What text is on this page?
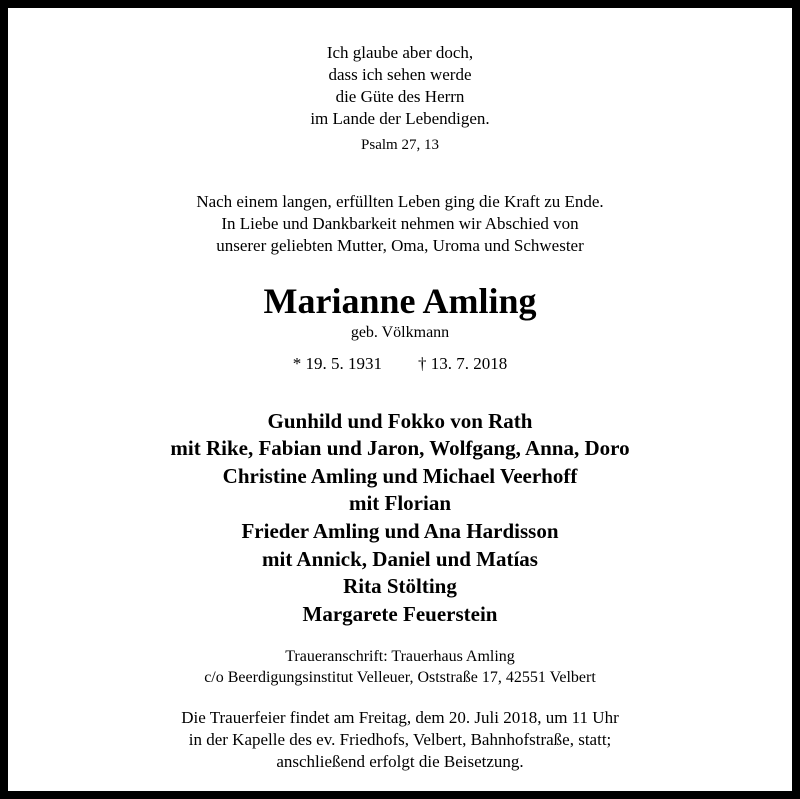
Ich glaube aber doch,
dass ich sehen werde
die Güte des Herrn
im Lande der Lebendigen.
Psalm 27, 13
Nach einem langen, erfüllten Leben ging die Kraft zu Ende.
In Liebe und Dankbarkeit nehmen wir Abschied von
unserer geliebten Mutter, Oma, Uroma und Schwester
Marianne Amling
geb. Völkmann
* 19. 5. 1931 † 13. 7. 2018
Gunhild und Fokko von Rath
mit Rike, Fabian und Jaron, Wolfgang, Anna, Doro
Christine Amling und Michael Veerhoff
mit Florian
Frieder Amling und Ana Hardisson
mit Annick, Daniel und Matías
Rita Stölting
Margarete Feuerstein
Traueranschrift: Trauerhaus Amling
c/o Beerdigungsinstitut Velleuer, Oststraße 17, 42551 Velbert
Die Trauerfeier findet am Freitag, dem 20. Juli 2018, um 11 Uhr
in der Kapelle des ev. Friedhofs, Velbert, Bahnhofstraße, statt;
anschließend erfolgt die Beisetzung.
